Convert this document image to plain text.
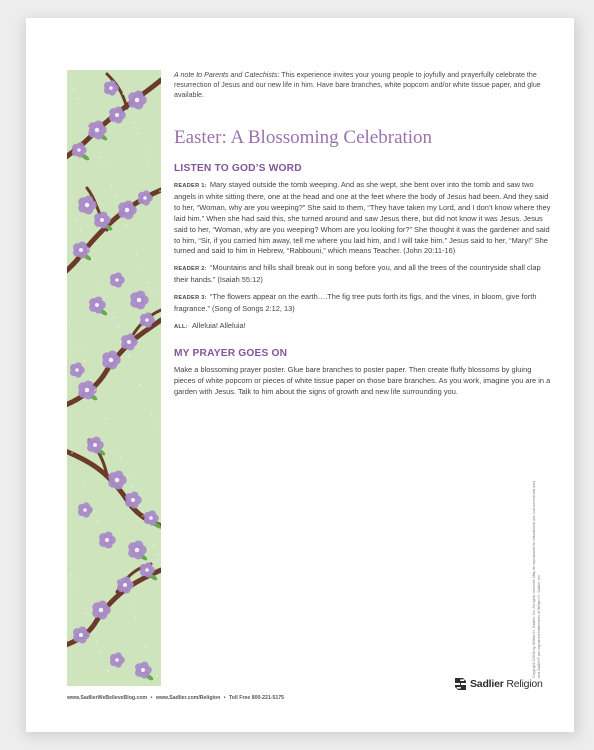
A note to Parents and Catechists: This experience invites your young people to joyfully and prayerfully celebrate the resurrection of Jesus and our new life in him. Have bare branches, white popcorn and/or white tissue paper, and glue available.

Easter: A Blossoming Celebration
LISTEN TO GOD’S WORD

READER 1: Mary stayed outside the tomb weeping. And as she wept, she bent over into the tomb and saw two angels in white sitting there, one at the head and one at the feet where the body of Jesus had been. And they said to her, “Woman, why are you weeping?” She said to them, “They have taken my Lord, and I don’t know where they laid him.” When she had said this, she turned around and saw Jesus there, but did not know it was Jesus. Jesus said to her, “Woman, why are you weeping? Whom are you looking for?” She thought it was the gardener and said to him, “Sir, if you carried him away, tell me where you laid him, and I will take him.” Jesus said to her, “Mary!” She turned and said to him in Hebrew, “Rabbouni,” which means Teacher. (John 20:11-16)

READER 2: “Mountains and hills shall break out in song before you, and all the trees of the countryside shall clap their hands.” (Isaiah 55:12)

READER 3: “The flowers appear on the earth….The fig tree puts forth its figs, and the vines, in bloom, give forth fragrance.” (Song of Songs 2:12, 13)

ALL: Alleluia! Alleluia!

MY PRAYER GOES ON

Make a blossoming prayer poster. Glue bare branches to poster paper. Then create fluffy blossoms by gluing pieces of white popcorn or pieces of white tissue paper on those bare branches. As you work, imagine you are in a garden with Jesus. Talk to him about the signs of growth and new life surrounding you.

Copyright ©2016 by William H. Sadlier, Inc. All rights reserved. May be reproduced for educational use (not commercial use). and Sadlier® are registered trademarks of William H. Sadlier, Inc.

www.SadlierWeBelieveBlog.com • www.Sadlier.com/Religion • Toll Free 800-221-5175
Sadlier Religion
